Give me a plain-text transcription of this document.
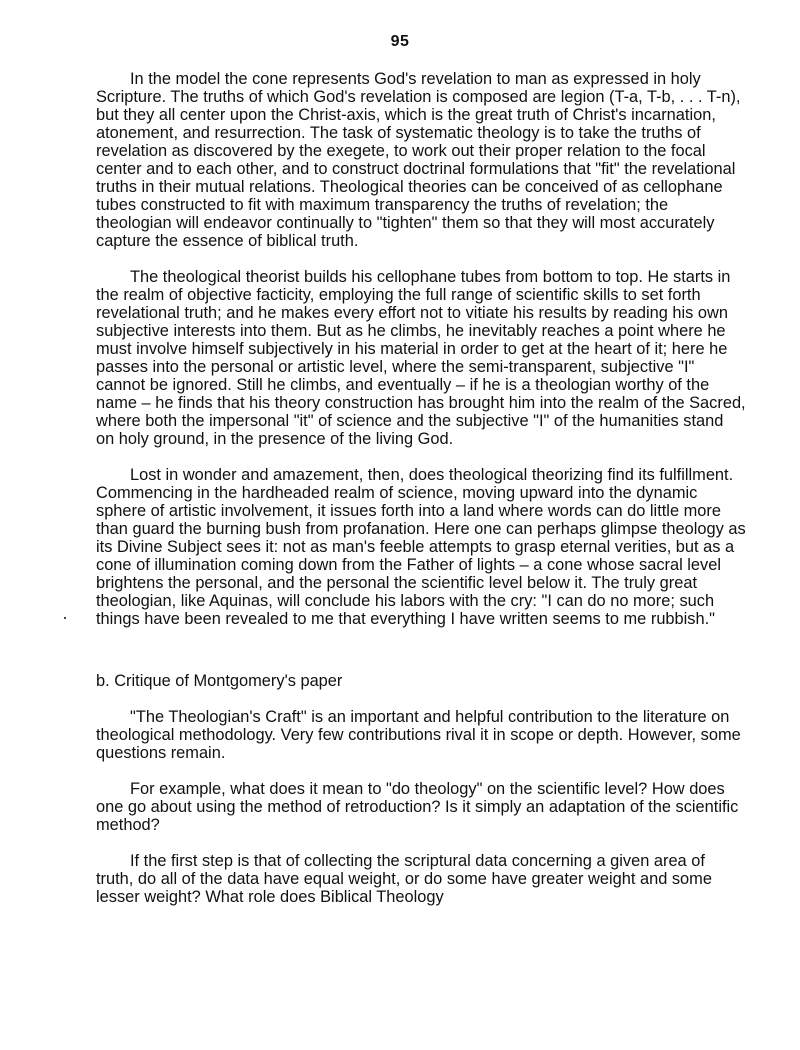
95

In the model the cone represents God's revelation to man as expressed in holy Scripture. The truths of which God's revelation is composed are legion (T-a, T-b, . . . T-n), but they all center upon the Christ-axis, which is the great truth of Christ's incarnation, atonement, and resurrection. The task of systematic theology is to take the truths of revelation as discovered by the exegete, to work out their proper relation to the focal center and to each other, and to construct doctrinal formulations that "fit" the revelational truths in their mutual relations. Theological theories can be conceived of as cellophane tubes constructed to fit with maximum transparency the truths of revelation; the theologian will endeavor continually to "tighten" them so that they will most accurately capture the essence of biblical truth.

The theological theorist builds his cellophane tubes from bottom to top. He starts in the realm of objective facticity, employing the full range of scientific skills to set forth revelational truth; and he makes every effort not to vitiate his results by reading his own subjective interests into them. But as he climbs, he inevitably reaches a point where he must involve himself subjectively in his material in order to get at the heart of it; here he passes into the personal or artistic level, where the semi-transparent, subjective "I" cannot be ignored. Still he climbs, and eventually – if he is a theologian worthy of the name – he finds that his theory construction has brought him into the realm of the Sacred, where both the impersonal "it" of science and the subjective "I" of the humanities stand on holy ground, in the presence of the living God.

Lost in wonder and amazement, then, does theological theorizing find its fulfillment. Commencing in the hardheaded realm of science, moving upward into the dynamic sphere of artistic involvement, it issues forth into a land where words can do little more than guard the burning bush from profanation. Here one can perhaps glimpse theology as its Divine Subject sees it: not as man's feeble attempts to grasp eternal verities, but as a cone of illumination coming down from the Father of lights – a cone whose sacral level brightens the personal, and the personal the scientific level below it. The truly great theologian, like Aquinas, will conclude his labors with the cry: "I can do no more; such things have been revealed to me that everything I have written seems to me rubbish."

b. Critique of Montgomery's paper

"The Theologian's Craft" is an important and helpful contribution to the literature on theological methodology. Very few contributions rival it in scope or depth. However, some questions remain.

For example, what does it mean to "do theology" on the scientific level? How does one go about using the method of retroduction? Is it simply an adaptation of the scientific method?

If the first step is that of collecting the scriptural data concerning a given area of truth, do all of the data have equal weight, or do some have greater weight and some lesser weight? What role does Biblical Theology
